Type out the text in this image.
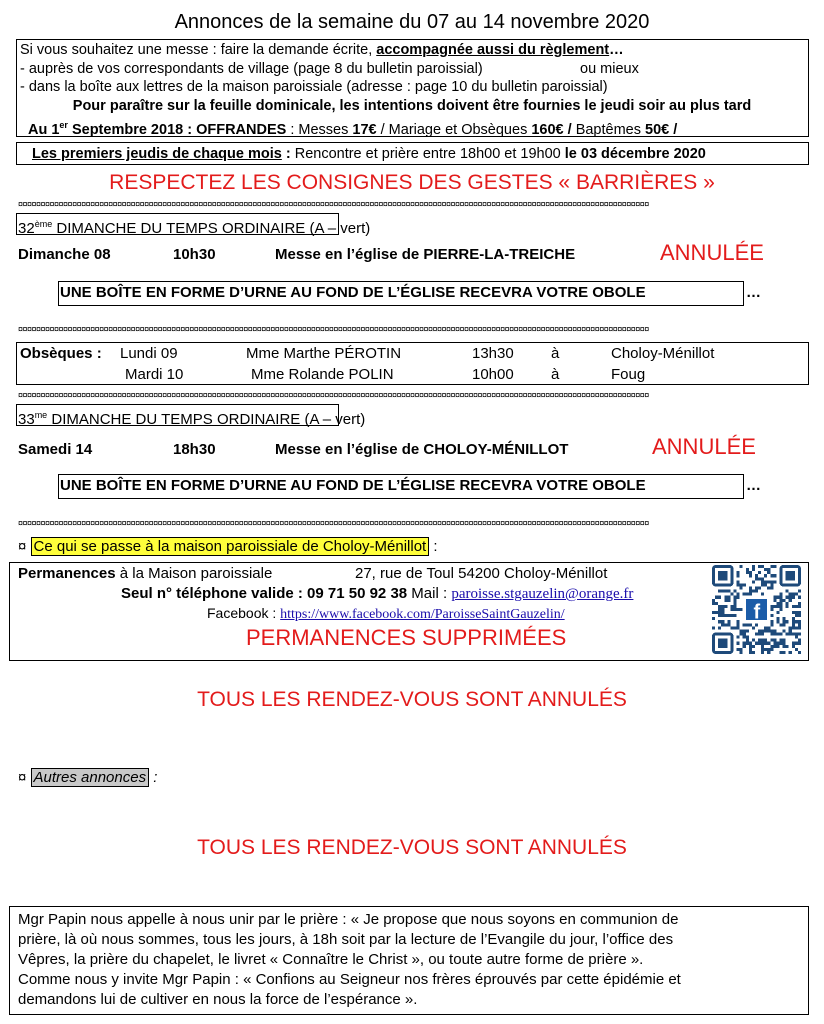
Annonces de la semaine du 07 au 14 novembre 2020
Si vous souhaitez une messe : faire la demande écrite, accompagnée aussi du règlement…
- auprès de vos correspondants de village (page 8 du bulletin paroissial)	ou mieux
- dans la boîte aux lettres de la maison paroissiale (adresse : page 10 du bulletin paroissial)
Pour paraître sur la feuille dominicale, les intentions doivent être fournies le jeudi soir au plus tard
Au 1er Septembre 2018 : OFFRANDES : Messes 17€ / Mariage et Obsèques 160€ / Baptêmes 50€ /
Les premiers jeudis de chaque mois : Rencontre et prière entre 18h00 et 19h00 le 03 décembre 2020
RESPECTEZ LES CONSIGNES DES GESTES « BARRIÈRES »
¤¤¤¤¤¤¤¤¤¤¤¤¤¤¤¤¤¤¤¤¤¤¤¤¤¤¤¤¤¤¤¤¤¤¤¤¤¤¤¤¤¤¤¤¤¤¤¤¤¤¤¤¤¤¤¤¤¤¤¤¤¤¤¤¤¤¤¤¤¤¤¤¤¤¤¤¤¤¤¤¤¤¤¤¤¤¤¤¤¤¤¤¤¤¤¤¤¤¤¤¤¤¤¤¤¤¤¤¤¤¤¤¤¤¤¤¤¤¤¤¤¤¤¤¤¤¤¤¤¤¤¤¤¤¤¤¤¤¤¤
32ème DIMANCHE DU TEMPS ORDINAIRE (A – vert)
Dimanche 08	10h30	Messe en l’église de PIERRE-LA-TREICHE	ANNULÉE
UNE BOÎTE EN FORME D’URNE AU FOND DE L’ÉGLISE RECEVRA VOTRE OBOLE	…
¤¤¤¤¤¤¤¤¤¤¤¤¤¤¤¤¤¤¤¤¤¤¤¤¤¤¤¤¤¤¤¤¤¤¤¤¤¤¤¤¤¤¤¤¤¤¤¤¤¤¤¤¤¤¤¤¤¤¤¤¤¤¤¤¤¤¤¤¤¤¤¤¤¤¤¤¤¤¤¤¤¤¤¤¤¤¤¤¤¤¤¤¤¤¤¤¤¤¤¤¤¤¤¤¤¤¤¤¤¤¤¤¤¤¤¤¤¤¤¤¤¤¤¤¤¤¤¤¤¤¤¤¤¤¤¤¤¤¤¤
Obsèques : Lundi 09	Mme Marthe PÉROTIN	13h30 à	Choloy-Ménillot
Mardi 10	Mme Rolande POLIN	10h00 à	Foug
¤¤¤¤¤¤¤¤¤¤¤¤¤¤¤¤¤¤¤¤¤¤¤¤¤¤¤¤¤¤¤¤¤¤¤¤¤¤¤¤¤¤¤¤¤¤¤¤¤¤¤¤¤¤¤¤¤¤¤¤¤¤¤¤¤¤¤¤¤¤¤¤¤¤¤¤¤¤¤¤¤¤¤¤¤¤¤¤¤¤¤¤¤¤¤¤¤¤¤¤¤¤¤¤¤¤¤¤¤¤¤¤¤¤¤¤¤¤¤¤¤¤¤¤¤¤¤¤¤¤¤¤¤¤¤¤¤¤¤¤
$33^{me}$ DIMANCHE DU TEMPS ORDINAIRE (A – vert)
Samedi 14	18h30	Messe en l’église de CHOLOY-MÉNILLOT	ANNULÉE
UNE BOÎTE EN FORME D’URNE AU FOND DE L’ÉGLISE RECEVRA VOTRE OBOLE	…
¤¤¤¤¤¤¤¤¤¤¤¤¤¤¤¤¤¤¤¤¤¤¤¤¤¤¤¤¤¤¤¤¤¤¤¤¤¤¤¤¤¤¤¤¤¤¤¤¤¤¤¤¤¤¤¤¤¤¤¤¤¤¤¤¤¤¤¤¤¤¤¤¤¤¤¤¤¤¤¤¤¤¤¤¤¤¤¤¤¤¤¤¤¤¤¤¤¤¤¤¤¤¤¤¤¤¤¤¤¤¤¤¤¤¤¤¤¤¤¤¤¤¤¤¤¤¤¤¤¤¤¤¤¤¤¤¤¤¤¤
¤ Ce qui se passe à la maison paroissiale de Choloy-Ménillot :
Permanences à la Maison paroissiale	27, rue de Toul 54200 Choloy-Ménillot
Seul n° téléphone valide : 09 71 50 92 38 Mail : paroisse.stgauzelin@orange.fr
Facebook : https://www.facebook.com/ParoisseSaintGauzelin/
PERMANENCES SUPPRIMÉES
f
TOUS LES RENDEZ-VOUS SONT ANNULÉS
¤ Autres annonces :
TOUS LES RENDEZ-VOUS SONT ANNULÉS
Mgr Papin nous appelle à nous unir par le prière : « Je propose que nous soyons en communion de
prière, là où nous sommes, tous les jours, à 18h soit par la lecture de l’Evangile du jour, l’office des
Vêpres, la prière du chapelet, le livret « Connaître le Christ », ou toute autre forme de prière ».
Comme nous y invite Mgr Papin : « Confions au Seigneur nos frères éprouvés par cette épidémie et
demandons lui de cultiver en nous la force de l’espérance ».
